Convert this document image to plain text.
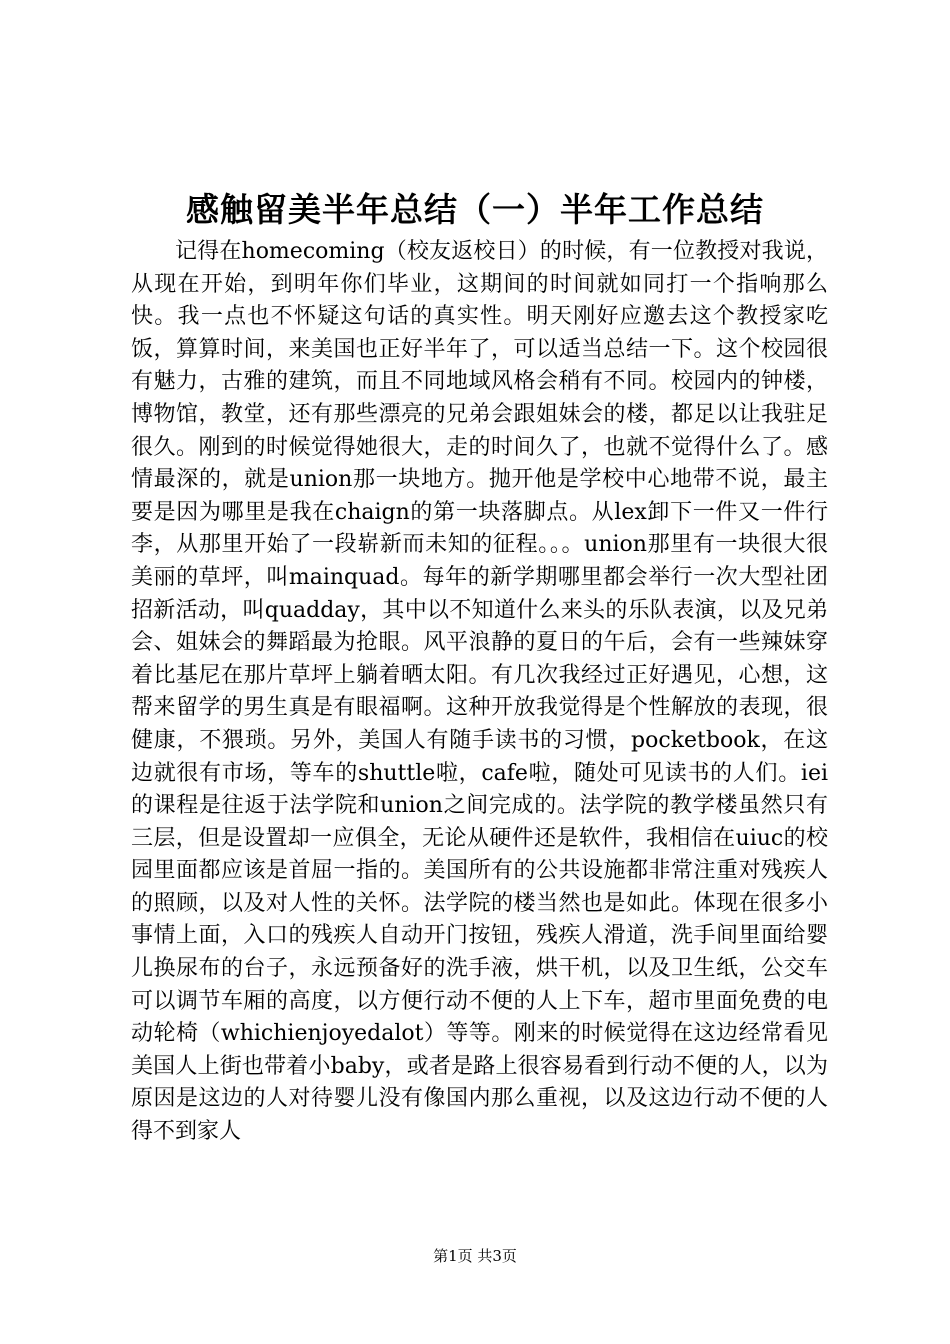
感触留美半年总结（一）半年工作总结

记得在homecoming（校友返校日）的时候，有一位教授对我说，从现在开始，到明年你们毕业，这期间的时间就如同打一个指响那么快。我一点也不怀疑这句话的真实性。明天刚好应邀去这个教授家吃饭，算算时间，来美国也正好半年了，可以适当总结一下。这个校园很有魅力，古雅的建筑，而且不同地域风格会稍有不同。校园内的钟楼，博物馆，教堂，还有那些漂亮的兄弟会跟姐妹会的楼，都足以让我驻足很久。刚到的时候觉得她很大，走的时间久了，也就不觉得什么了。感情最深的，就是union那一块地方。抛开他是学校中心地带不说，最主要是因为哪里是我在chaign的第一块落脚点。从lex卸下一件又一件行李，从那里开始了一段崭新而未知的征程。。。union那里有一块很大很美丽的草坪，叫mainquad。每年的新学期哪里都会举行一次大型社团招新活动，叫quadday，其中以不知道什么来头的乐队表演，以及兄弟会、姐妹会的舞蹈最为抢眼。风平浪静的夏日的午后，会有一些辣妹穿着比基尼在那片草坪上躺着晒太阳。有几次我经过正好遇见，心想，这帮来留学的男生真是有眼福啊。这种开放我觉得是个性解放的表现，很健康，不猥琐。另外，美国人有随手读书的习惯，pocketbook，在这边就很有市场，等车的shuttle啦，cafe啦，随处可见读书的人们。iei的课程是往返于法学院和union之间完成的。法学院的教学楼虽然只有三层，但是设置却一应俱全，无论从硬件还是软件，我相信在uiuc的校园里面都应该是首屈一指的。美国所有的公共设施都非常注重对残疾人的照顾，以及对人性的关怀。法学院的楼当然也是如此。体现在很多小事情上面，入口的残疾人自动开门按钮，残疾人滑道，洗手间里面给婴儿换尿布的台子，永远预备好的洗手液，烘干机，以及卫生纸，公交车可以调节车厢的高度，以方便行动不便的人上下车，超市里面免费的电动轮椅（whichienjoyedalot）等等。刚来的时候觉得在这边经常看见美国人上街也带着小baby，或者是路上很容易看到行动不便的人，以为原因是这边的人对待婴儿没有像国内那么重视，以及这边行动不便的人得不到家人

第1页 共3页
